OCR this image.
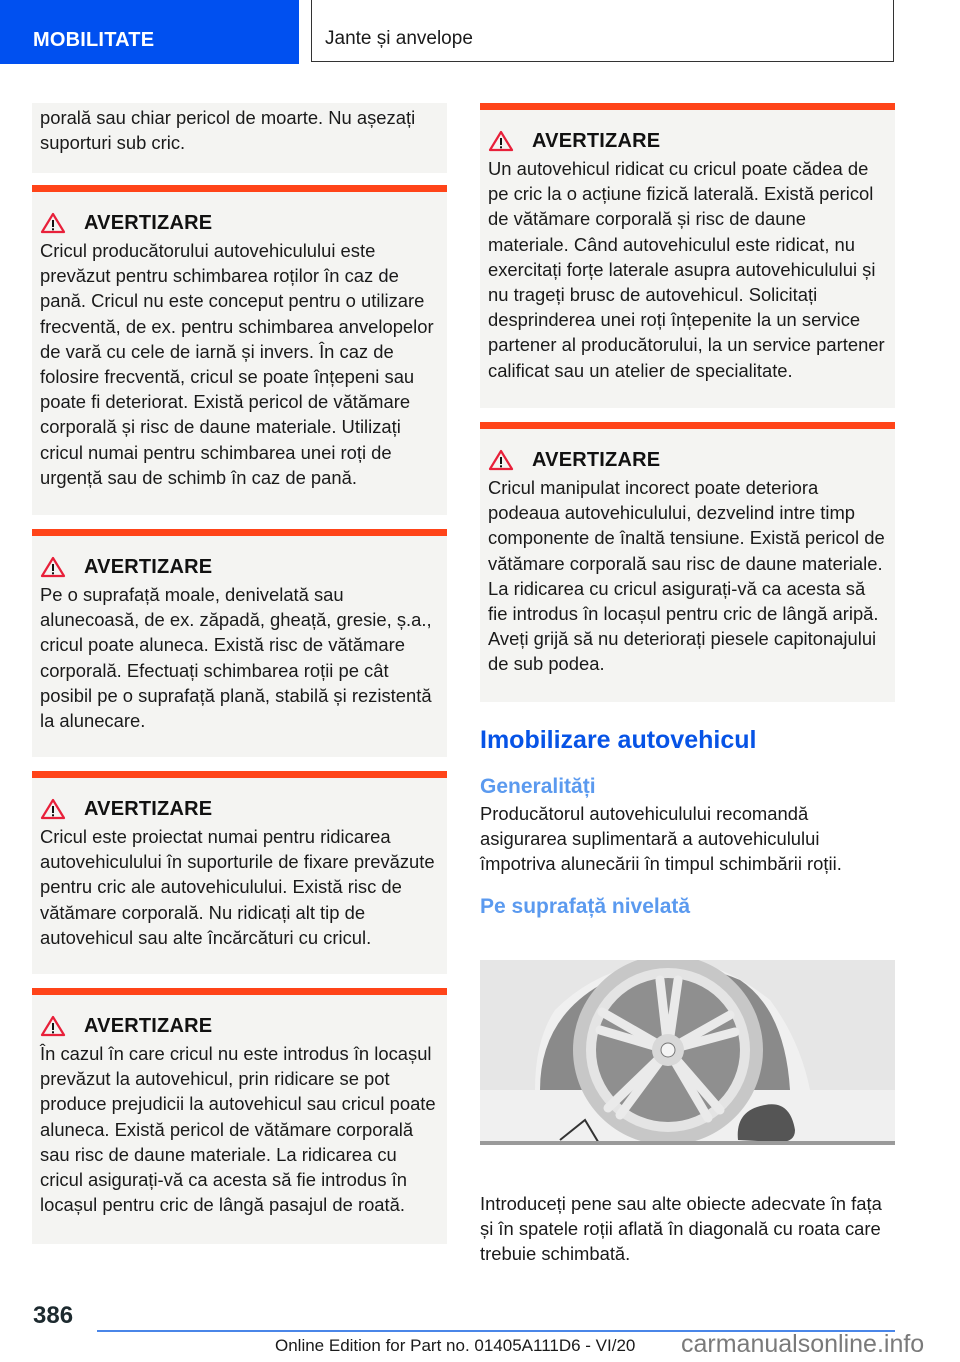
MOBILITATE	Jante și anvelope

porală sau chiar pericol de moarte. Nu așezați suporturi sub cric.

AVERTIZARE

Cricul producătorului autovehiculului este prevăzut pentru schimbarea roților în caz de pană. Cricul nu este conceput pentru o utilizare frecventă, de ex. pentru schimbarea anvelopelor de vară cu cele de iarnă și invers. În caz de folosire frecventă, cricul se poate înțepeni sau poate fi deteriorat. Există pericol de vătămare corporală și risc de daune materiale. Utilizați cricul numai pentru schimbarea unei roți de urgență sau de schimb în caz de pană.

AVERTIZARE

Pe o suprafață moale, denivelată sau alunecoasă, de ex. zăpadă, gheață, gresie, ș.a., cricul poate aluneca. Există risc de vătămare corporală. Efectuați schimbarea roții pe cât posibil pe o suprafață plană, stabilă și rezistentă la alunecare.

AVERTIZARE

Cricul este proiectat numai pentru ridicarea autovehiculului în suporturile de fixare prevăzute pentru cric ale autovehiculului. Există risc de vătămare corporală. Nu ridicați alt tip de autovehicul sau alte încărcături cu cricul.

AVERTIZARE

În cazul în care cricul nu este introdus în locașul prevăzut la autovehicul, prin ridicare se pot produce prejudicii la autovehicul sau cricul poate aluneca. Există pericol de vătămare corporală sau risc de daune materiale. La ridicarea cu cricul asigurați-vă ca acesta să fie introdus în locașul pentru cric de lângă pasajul de roată.

AVERTIZARE

Un autovehicul ridicat cu cricul poate cădea de pe cric la o acțiune fizică laterală. Există pericol de vătămare corporală și risc de daune materiale. Când autovehiculul este ridicat, nu exercitați forțe laterale asupra autovehiculului și nu trageți brusc de autovehicul. Solicitați desprinderea unei roți înțepenite la un service partener al producătorului, la un service partener calificat sau un atelier de specialitate.

AVERTIZARE

Cricul manipulat incorect poate deteriora podeaua autovehiculului, dezvelind intre timp componente de înaltă tensiune. Există pericol de vătămare corporală sau risc de daune materiale. La ridicarea cu cricul asigurați-vă ca acesta să fie introdus în locașul pentru cric de lângă aripă. Aveți grijă să nu deteriorați piesele capitonajului de sub podea.

Imobilizare autovehicul
Generalități

Producătorul autovehiculului recomandă asigurarea suplimentară a autovehiculului împotriva alunecării în timpul schimbării roții.

Pe suprafață nivelată

Introduceți pene sau alte obiecte adecvate în fața și în spatele roții aflată în diagonală cu roata care trebuie schimbată.

386
Online Edition for Part no. 01405A111D6 - VI/20 carmanualsonline.info
